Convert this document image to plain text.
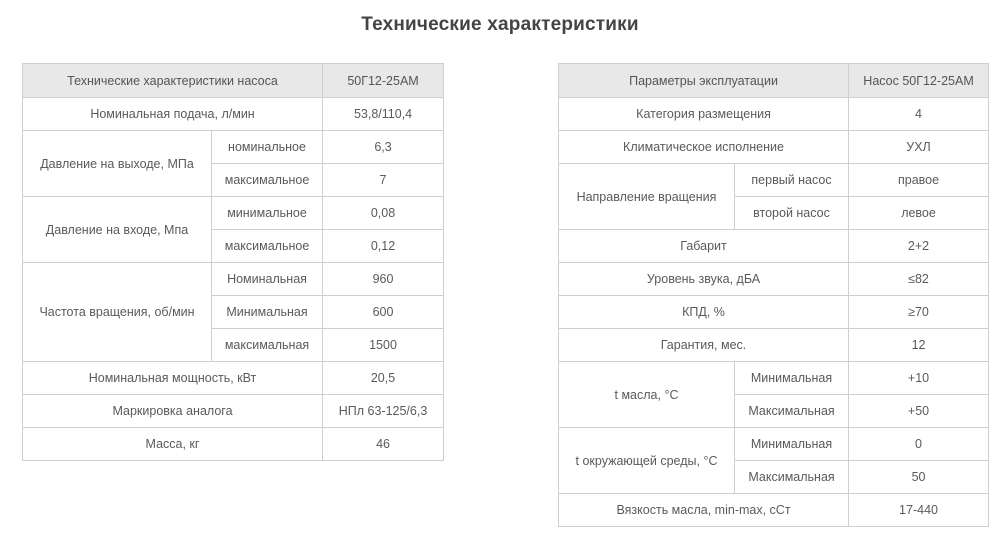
Технические характеристики
Технические характеристики насоса		50Г12-25АМ
Номинальная подача, л/мин		53,8/110,4
Давление на выходе, МПа	номинальное	6,3
	максимальное	7
Давление на входе, Мпа	минимальное	0,08
	максимальное	0,12
Частота вращения, об/мин	Номинальная	960
	Минимальная	600
	максимальная	1500
Номинальная мощность, кВт		20,5
Маркировка аналога		НПл 63-125/6,3
Масса, кг		46
Параметры эксплуатации		Насос 50Г12-25АМ
Категория размещения		4
Климатическое исполнение		УХЛ
Направление вращения	первый насос	правое
	второй насос	левое
Габарит		2+2
Уровень звука, дБА		≤82
КПД, %		≥70
Гарантия, мес.		12
t масла, °С	Минимальная	+10
	Максимальная	+50
t окружающей среды, °С	Минимальная	0
	Максимальная	50
Вязкость масла, min-max, сСт		17-440
